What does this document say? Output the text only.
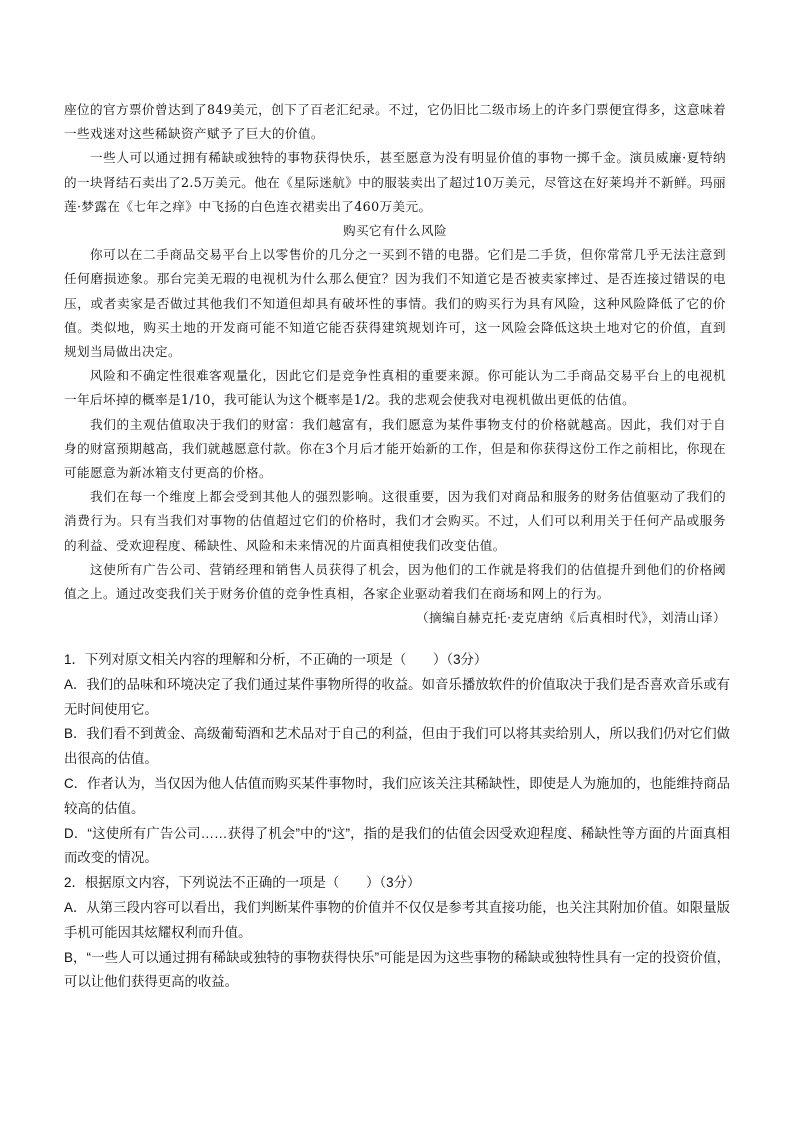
座位的官方票价曾达到了849美元，创下了百老汇纪录。不过，它仍旧比二级市场上的许多门票便宜得多，这意味着一些戏迷对这些稀缺资产赋予了巨大的价值。

一些人可以通过拥有稀缺或独特的事物获得快乐，甚至愿意为没有明显价值的事物一掷千金。演员威廉·夏特纳的一块肾结石卖出了2.5万美元。他在《星际迷航》中的服装卖出了超过10万美元，尽管这在好莱坞并不新鲜。玛丽莲·梦露在《七年之痒》中飞扬的白色连衣裙卖出了460万美元。

购买它有什么风险

你可以在二手商品交易平台上以零售价的几分之一买到不错的电器。它们是二手货，但你常常几乎无法注意到任何磨损迹象。那台完美无瑕的电视机为什么那么便宜？因为我们不知道它是否被卖家摔过、是否连接过错误的电压，或者卖家是否做过其他我们不知道但却具有破坏性的事情。我们的购买行为具有风险，这种风险降低了它的价值。类似地，购买土地的开发商可能不知道它能否获得建筑规划许可，这一风险会降低这块土地对它的价值，直到规划当局做出决定。

风险和不确定性很难客观量化，因此它们是竞争性真相的重要来源。你可能认为二手商品交易平台上的电视机一年后坏掉的概率是1/10，我可能认为这个概率是1/2。我的悲观会使我对电视机做出更低的估值。

我们的主观估值取决于我们的财富：我们越富有，我们愿意为某件事物支付的价格就越高。因此，我们对于自身的财富预期越高，我们就越愿意付款。你在3个月后才能开始新的工作，但是和你获得这份工作之前相比，你现在可能愿意为新冰箱支付更高的价格。

我们在每一个维度上都会受到其他人的强烈影响。这很重要，因为我们对商品和服务的财务估值驱动了我们的消费行为。只有当我们对事物的估值超过它们的价格时，我们才会购买。不过，人们可以利用关于任何产品或服务的利益、受欢迎程度、稀缺性、风险和未来情况的片面真相使我们改变估值。

这使所有广告公司、营销经理和销售人员获得了机会，因为他们的工作就是将我们的估值提升到他们的价格阈值之上。通过改变我们关于财务价值的竞争性真相，各家企业驱动着我们在商场和网上的行为。

（摘编自赫克托·麦克唐纳《后真相时代》，刘清山译）

1．下列对原文相关内容的理解和分析，不正确的一项是（　　）（3分）

A．我们的品味和环境决定了我们通过某件事物所得的收益。如音乐播放软件的价值取决于我们是否喜欢音乐或有无时间使用它。

B．我们看不到黄金、高级葡萄酒和艺术品对于自己的利益，但由于我们可以将其卖给别人，所以我们仍对它们做出很高的估值。

C．作者认为，当仅因为他人估值而购买某件事物时，我们应该关注其稀缺性，即使是人为施加的，也能维持商品较高的估值。

D．“这使所有广告公司……获得了机会”中的“这”，指的是我们的估值会因受欢迎程度、稀缺性等方面的片面真相而改变的情况。

2．根据原文内容，下列说法不正确的一项是（　　）（3分）

A．从第三段内容可以看出，我们判断某件事物的价值并不仅仅是参考其直接功能，也关注其附加价值。如限量版手机可能因其炫耀权利而升值。

B，“一些人可以通过拥有稀缺或独特的事物获得快乐”可能是因为这些事物的稀缺或独特性具有一定的投资价值，可以让他们获得更高的收益。
